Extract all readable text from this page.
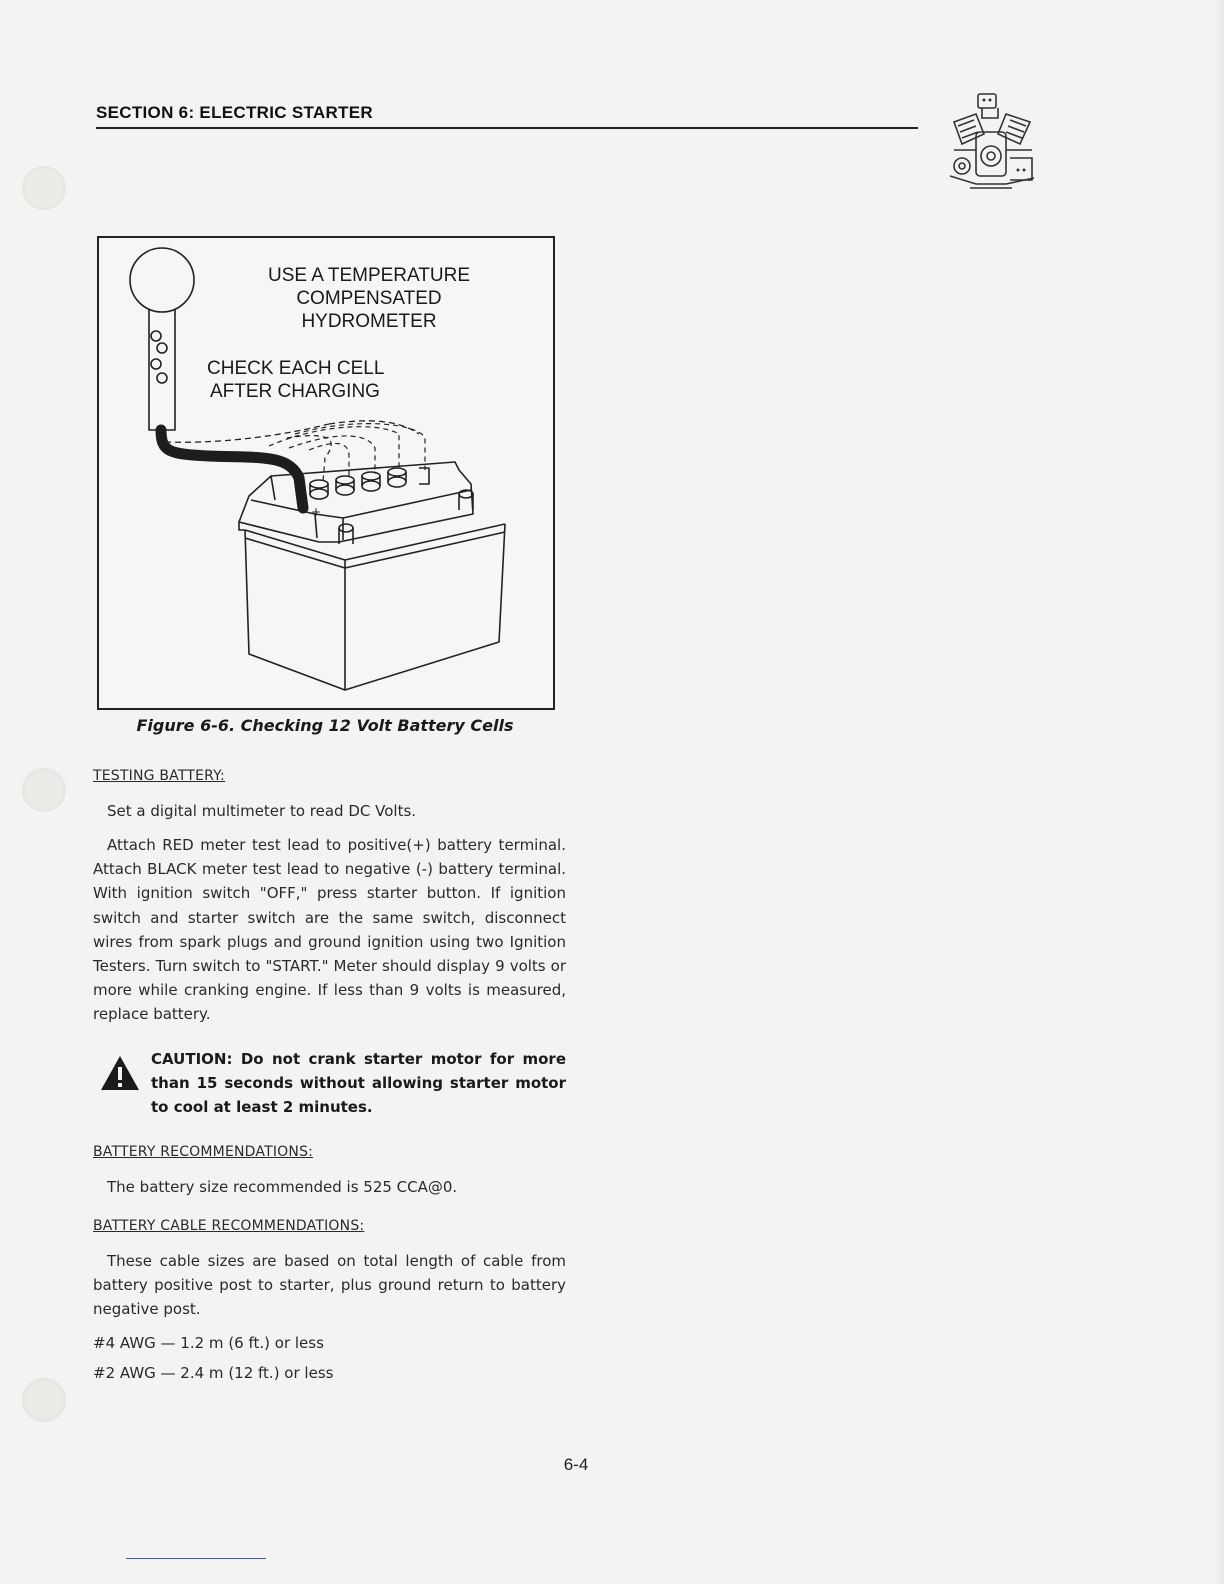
SECTION 6: ELECTRIC STARTER
+
USE A TEMPERATURE
COMPENSATED
HYDROMETER
CHECK EACH CELL
AFTER CHARGING
Figure 6-6. Checking 12 Volt Battery Cells
TESTING BATTERY:

Set a digital multimeter to read DC Volts.

Attach RED meter test lead to positive(+) battery terminal. Attach BLACK meter test lead to negative (-) battery terminal. With ignition switch "OFF," press starter button. If ignition switch and starter switch are the same switch, disconnect wires from spark plugs and ground ignition using two Ignition Testers. Turn switch to "START." Meter should display 9 volts or more while cranking engine. If less than 9 volts is measured, replace battery.

CAUTION: Do not crank starter motor for more than 15 seconds without allowing starter motor to cool at least 2 minutes.

BATTERY RECOMMENDATIONS:

The battery size recommended is 525 CCA@0.

BATTERY CABLE RECOMMENDATIONS:

These cable sizes are based on total length of cable from battery positive post to starter, plus ground return to battery negative post.

#4 AWG — 1.2 m (6 ft.) or less

#2 AWG — 2.4 m (12 ft.) or less

6-4
